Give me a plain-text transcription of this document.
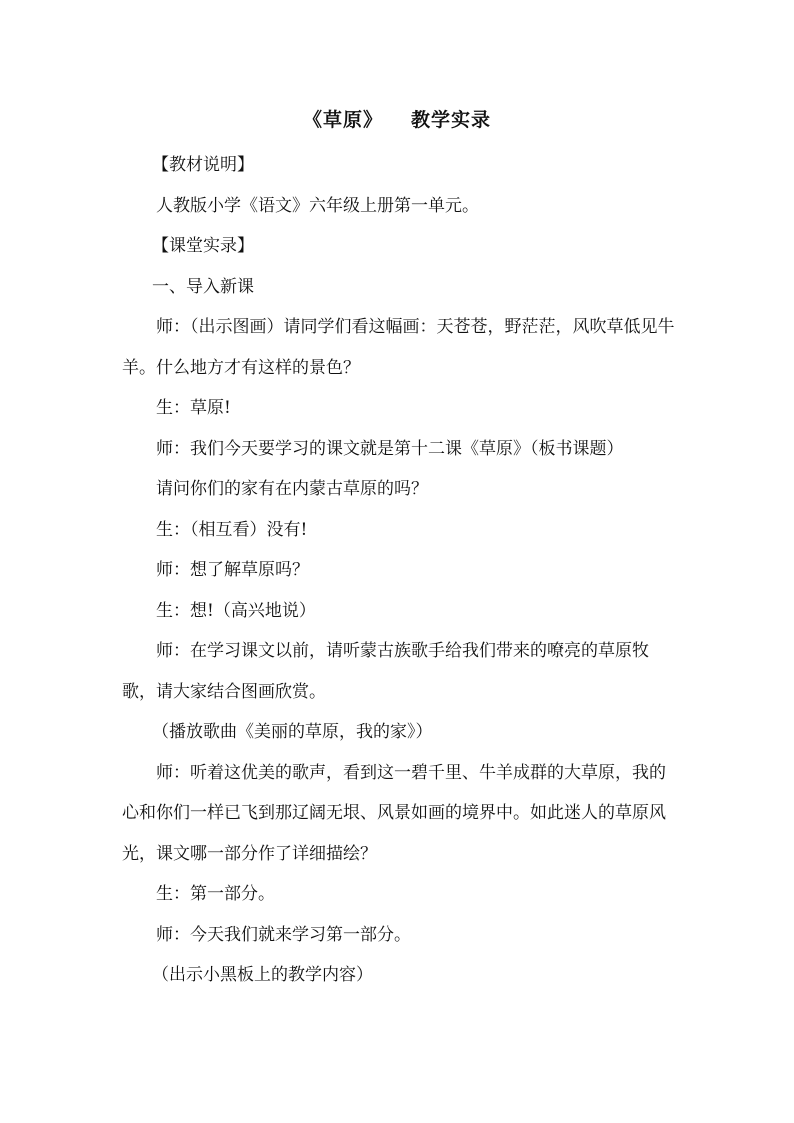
《草原》 教学实录

【教材说明】

人教版小学《语文》六年级上册第一单元。

【课堂实录】

一、导入新课

师：（出示图画）请同学们看这幅画：天苍苍，野茫茫，风吹草低见牛羊。什么地方才有这样的景色？

生：草原!

师：我们今天要学习的课文就是第十二课《草原》（板书课题）

请问你们的家有在内蒙古草原的吗？

生：（相互看）没有!

师：想了解草原吗？

生：想!（高兴地说）

师：在学习课文以前，请听蒙古族歌手给我们带来的嘹亮的草原牧歌，请大家结合图画欣赏。

（播放歌曲《美丽的草原，我的家》）

师：听着这优美的歌声，看到这一碧千里、牛羊成群的大草原，我的心和你们一样已飞到那辽阔无垠、风景如画的境界中。如此迷人的草原风光，课文哪一部分作了详细描绘？

生：第一部分。

师：今天我们就来学习第一部分。

（出示小黑板上的教学内容）
